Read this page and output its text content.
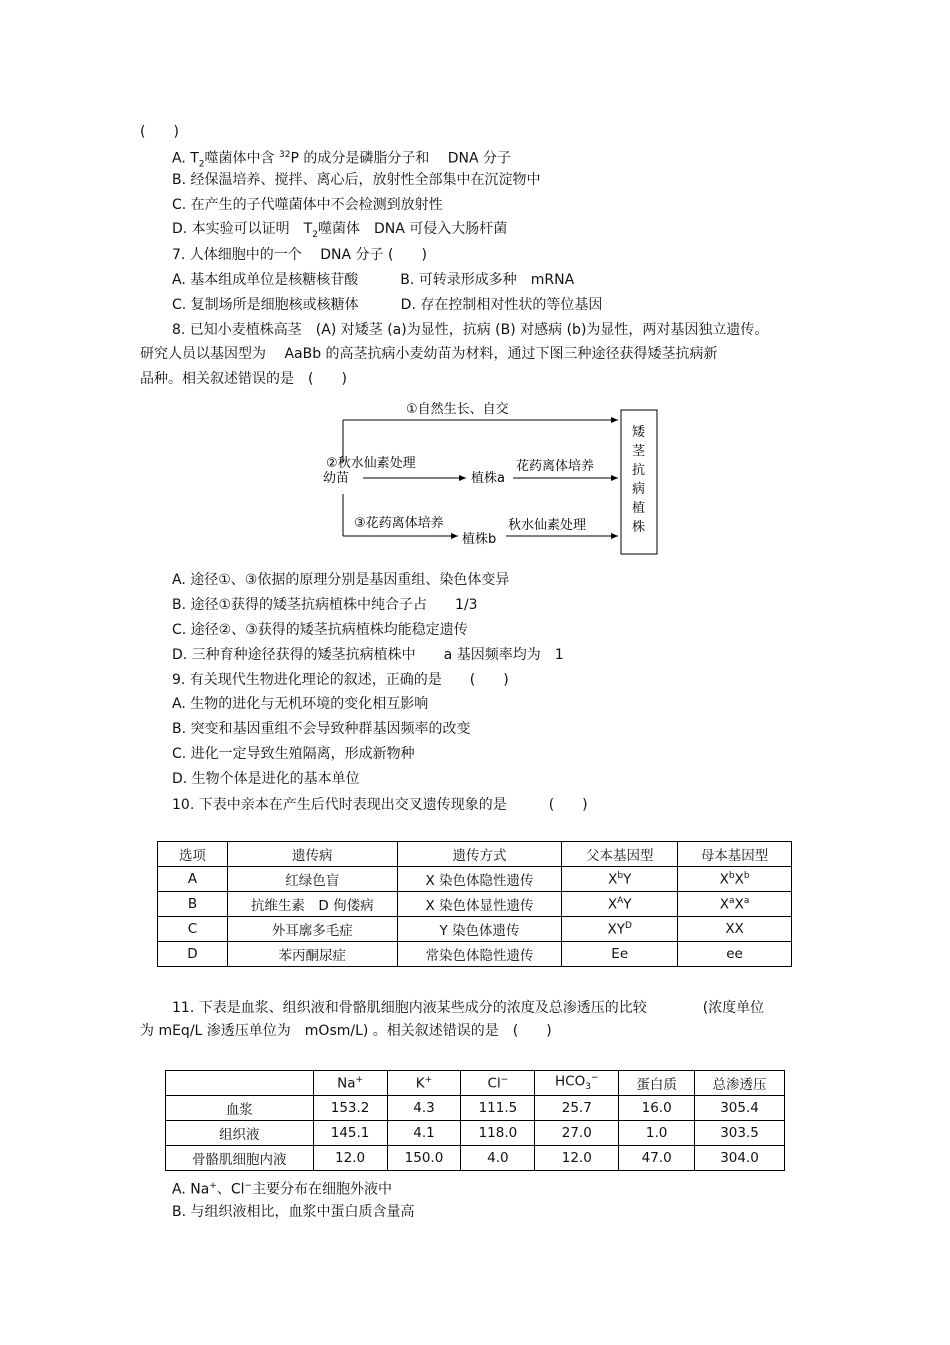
(　　)
A. $T_2$噬菌体中含 $^{32}$P 的成分是磷脂分子和　 DNA 分子
B. 经保温培养、搅拌、离心后，放射性全部集中在沉淀物中
C. 在产生的子代噬菌体中不会检测到放射性
D. 本实验可以证明　$T_2$噬菌体　DNA 可侵入大肠杆菌
7. 人体细胞中的一个　 DNA 分子 (　　)
A. 基本组成单位是核糖核苷酸　　　B. 可转录形成多种　mRNA
C. 复制场所是细胞核或核糖体　　　D. 存在控制相对性状的等位基因
8. 已知小麦植株高茎　(A) 对矮茎 (a)为显性，抗病 (B) 对感病 (b)为显性，两对基因独立遗传。
研究人员以基因型为　 AaBb 的高茎抗病小麦幼苗为材料，通过下图三种途径获得矮茎抗病新
品种。相关叙述错误的是　(　　)
①自然生长、自交
幼苗
②秋水仙素处理
植株a
花药离体培养
③花药离体培养
植株b
秋水仙素处理
矮
茎
抗
病
植
株
A. 途径①、③依据的原理分别是基因重组、染色体变异
B. 途径①获得的矮茎抗病植株中纯合子占　　1/3
C. 途径②、③获得的矮茎抗病植株均能稳定遗传
D. 三种育种途径获得的矮茎抗病植株中　　a 基因频率均为　1
9. 有关现代生物进化理论的叙述，正确的是　　(　　)
A. 生物的进化与无机环境的变化相互影响
B. 突变和基因重组不会导致种群基因频率的改变
C. 进化一定导致生殖隔离，形成新物种
D. 生物个体是进化的基本单位
10. 下表中亲本在产生后代时表现出交叉遗传现象的是　　　(　　)
选项	遗传病	遗传方式	父本基因型	母本基因型
A	红绿色盲	X 染色体隐性遗传	$X^bY$	$X^bX^b$
B	抗维生素　D 佝偻病	X 染色体显性遗传	$X^AY$	$X^aX^a$
C	外耳廓多毛症	Y 染色体遗传	$XY^D$	XX
D	苯丙酮尿症	常染色体隐性遗传	Ee	ee
11. 下表是血浆、组织液和骨骼肌细胞内液某些成分的浓度及总渗透压的比较　　　　(浓度单位
为 mEq/L 渗透压单位为　mOsm/L) 。相关叙述错误的是　(　　)
	Na+	K+	Cl−	$HCO_3^-$	蛋白质	总渗透压
血浆	153.2	4.3	111.5	25.7	16.0	305.4
组织液	145.1	4.1	118.0	27.0	1.0	303.5
骨骼肌细胞内液	12.0	150.0	4.0	12.0	47.0	304.0
A. Na+、Cl−主要分布在细胞外液中
B. 与组织液相比，血浆中蛋白质含量高
